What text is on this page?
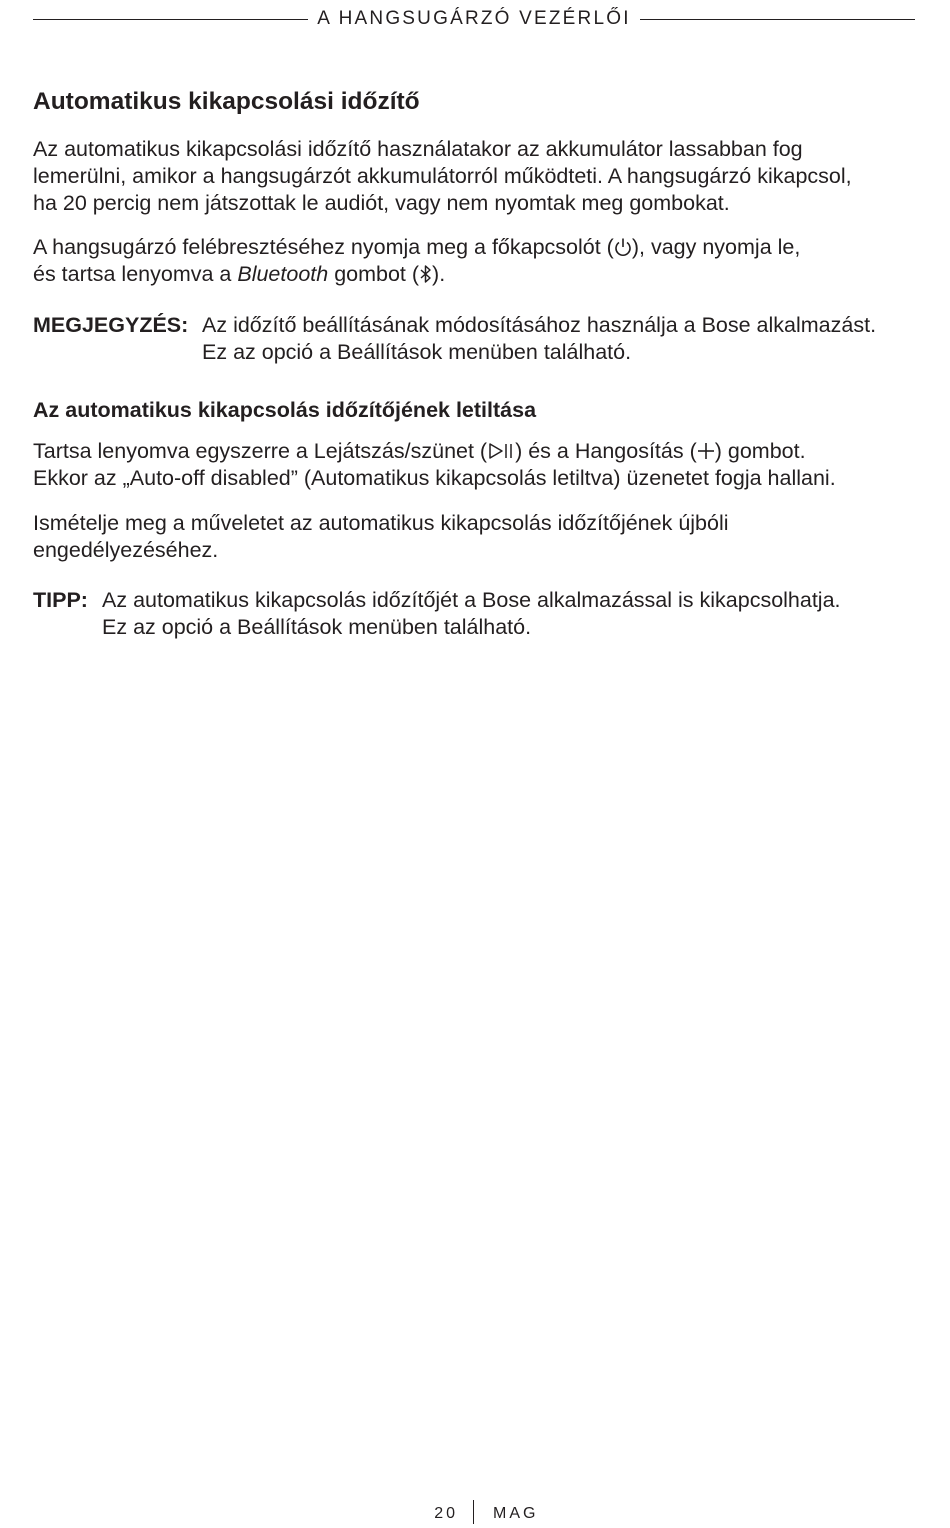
A HANGSUGÁRZÓ VEZÉRLŐI
Automatikus kikapcsolási időzítő

Az automatikus kikapcsolási időzítő használatakor az akkumulátor lassabban fog
lemerülni, amikor a hangsugárzót akkumulátorról működteti. A hangsugárzó kikapcsol,
ha 20 percig nem játszottak le audiót, vagy nem nyomtak meg gombokat.

A hangsugárzó felébresztéséhez nyomja meg a főkapcsolót ( ), vagy nyomja le,
és tartsa lenyomva a Bluetooth gombot ( ).

MEGJEGYZÉS: Az időzítő beállításának módosításához használja a Bose alkalmazást.
Ez az opció a Beállítások menüben található.
Az automatikus kikapcsolás időzítőjének letiltása

Tartsa lenyomva egyszerre a Lejátszás/szünet ( ) és a Hangosítás ( ) gombot.
Ekkor az „Auto-off disabled” (Automatikus kikapcsolás letiltva) üzenetet fogja hallani.

Ismételje meg a műveletet az automatikus kikapcsolás időzítőjének újbóli
engedélyezéséhez.

TIPP: Az automatikus kikapcsolás időzítőjét a Bose alkalmazással is kikapcsolhatja.
Ez az opció a Beállítások menüben található.
20 MAG
